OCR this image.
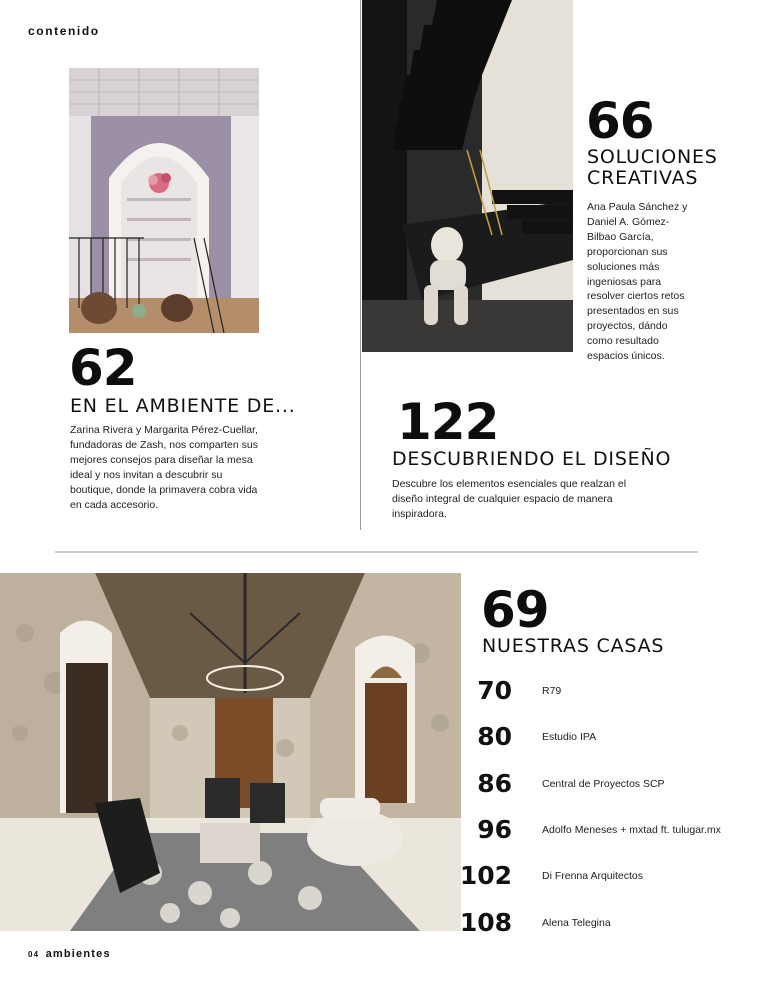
contenido
04 ambientes
62
EN EL AMBIENTE DE...
Zarina Rivera y Margarita Pérez-Cuellar, fundadoras de Zash, nos comparten sus mejores consejos para diseñar la mesa ideal y nos invitan a descubrir su boutique, donde la primavera cobra vida en cada accesorio.
66
SOLUCIONES
CREATIVAS
Ana Paula Sánchez y Daniel A. Gómez-Bilbao García, proporcionan sus soluciones más ingeniosas para resolver ciertos retos presentados en sus proyectos, dándo como resultado espacios únicos.
122
DESCUBRIENDO EL DISEÑO
Descubre los elementos esenciales que realzan el diseño integral de cualquier espacio de manera inspiradora.
69
NUESTRAS CASAS
70	R79
80	Estudio IPA
86	Central de Proyectos SCP
96	Adolfo Meneses + mxtad ft. tulugar.mx
102	Di Frenna Arquitectos
108	Alena Telegina
